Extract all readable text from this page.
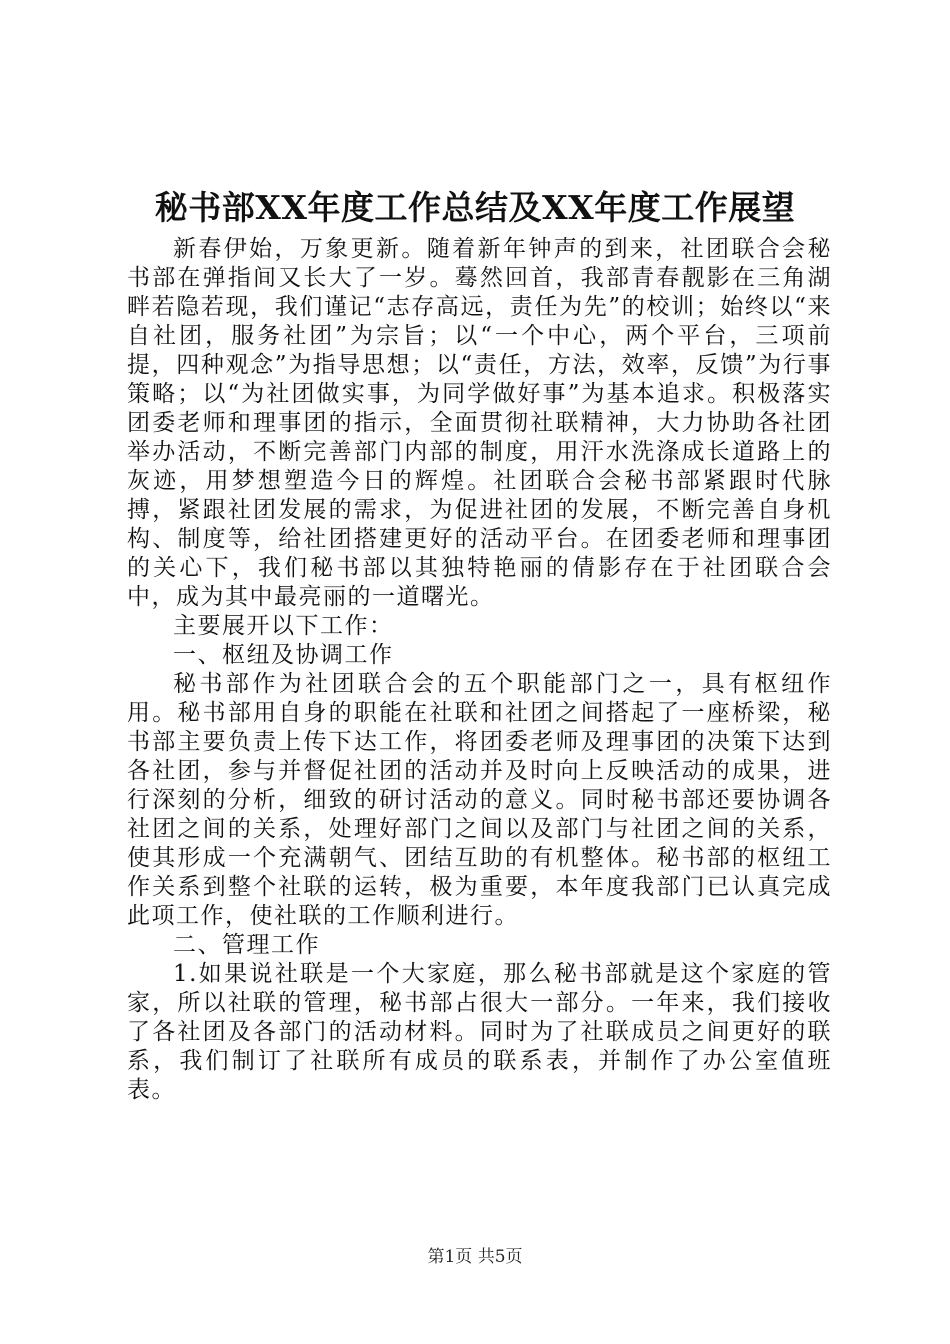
秘书部XX年度工作总结及XX年度工作展望

新春伊始，万象更新。随着新年钟声的到来，社团联合会秘书部在弹指间又长大了一岁。蓦然回首，我部青春靓影在三角湖畔若隐若现，我们谨记“志存高远，责任为先”的校训；始终以“来自社团，服务社团”为宗旨；以“一个中心，两个平台，三项前提，四种观念”为指导思想；以“责任，方法，效率，反馈”为行事策略；以“为社团做实事，为同学做好事”为基本追求。积极落实团委老师和理事团的指示，全面贯彻社联精神，大力协助各社团举办活动，不断完善部门内部的制度，用汗水洗涤成长道路上的灰迹，用梦想塑造今日的辉煌。社团联合会秘书部紧跟时代脉搏，紧跟社团发展的需求，为促进社团的发展，不断完善自身机构、制度等，给社团搭建更好的活动平台。在团委老师和理事团的关心下，我们秘书部以其独特艳丽的倩影存在于社团联合会中，成为其中最亮丽的一道曙光。

主要展开以下工作：

一、枢纽及协调工作

秘书部作为社团联合会的五个职能部门之一，具有枢纽作用。秘书部用自身的职能在社联和社团之间搭起了一座桥梁，秘书部主要负责上传下达工作，将团委老师及理事团的决策下达到各社团，参与并督促社团的活动并及时向上反映活动的成果，进行深刻的分析，细致的研讨活动的意义。同时秘书部还要协调各社团之间的关系，处理好部门之间以及部门与社团之间的关系，使其形成一个充满朝气、团结互助的有机整体。秘书部的枢纽工作关系到整个社联的运转，极为重要，本年度我部门已认真完成此项工作，使社联的工作顺利进行。

二、管理工作

1.如果说社联是一个大家庭，那么秘书部就是这个家庭的管家，所以社联的管理，秘书部占很大一部分。一年来，我们接收了各社团及各部门的活动材料。同时为了社联成员之间更好的联系，我们制订了社联所有成员的联系表，并制作了办公室值班表。

第1页 共5页
